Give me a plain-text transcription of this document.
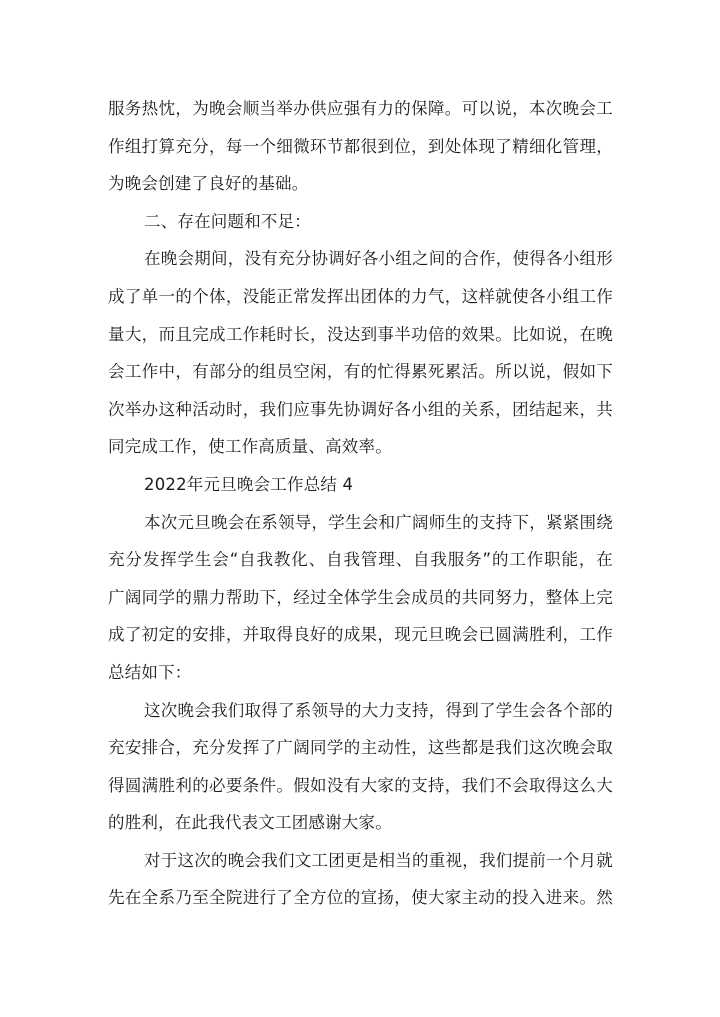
服务热忱，为晚会顺当举办供应强有力的保障。可以说，本次晚会工
作组打算充分，每一个细微环节都很到位，到处体现了精细化管理，
为晚会创建了良好的基础。
二、存在问题和不足：
在晚会期间，没有充分协调好各小组之间的合作，使得各小组形
成了单一的个体，没能正常发挥出团体的力气，这样就使各小组工作
量大，而且完成工作耗时长，没达到事半功倍的效果。比如说，在晚
会工作中，有部分的组员空闲，有的忙得累死累活。所以说，假如下
次举办这种活动时，我们应事先协调好各小组的关系，团结起来，共
同完成工作，使工作高质量、高效率。
2022年元旦晚会工作总结 4
本次元旦晚会在系领导，学生会和广阔师生的支持下，紧紧围绕
充分发挥学生会“自我教化、自我管理、自我服务”的工作职能，在
广阔同学的鼎力帮助下，经过全体学生会成员的共同努力，整体上完
成了初定的安排，并取得良好的成果，现元旦晚会已圆满胜利，工作
总结如下：
这次晚会我们取得了系领导的大力支持，得到了学生会各个部的
充安排合，充分发挥了广阔同学的主动性，这些都是我们这次晚会取
得圆满胜利的必要条件。假如没有大家的支持，我们不会取得这么大
的胜利，在此我代表文工团感谢大家。
对于这次的晚会我们文工团更是相当的重视，我们提前一个月就
先在全系乃至全院进行了全方位的宣扬，使大家主动的投入进来。然
